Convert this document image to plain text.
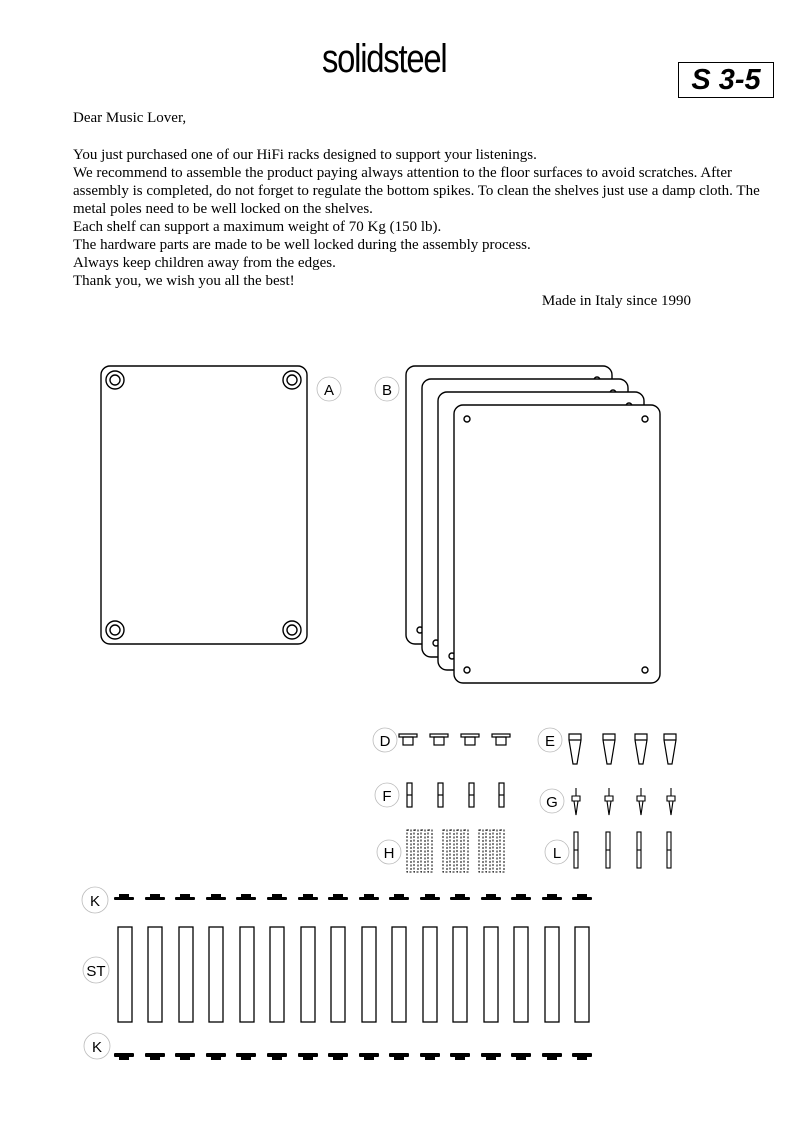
solidsteel	S 3-5

Dear Music Lover,

You just purchased one of our HiFi racks designed to support your listenings.

We recommend to assemble the product paying always attention to the floor surfaces to avoid scratches. After assembly is completed, do not forget to regulate the bottom spikes. To clean the shelves just use a damp cloth. The metal poles need to be well locked on the shelves.

Each shelf can support a maximum weight of 70 Kg (150 lb).

The hardware parts are made to be well locked during the assembly process.

Always keep children away from the edges.

Thank you, we wish you all the best!

Made in Italy since 1990

A	B
D	E
F	G
H	L
K
ST
K
